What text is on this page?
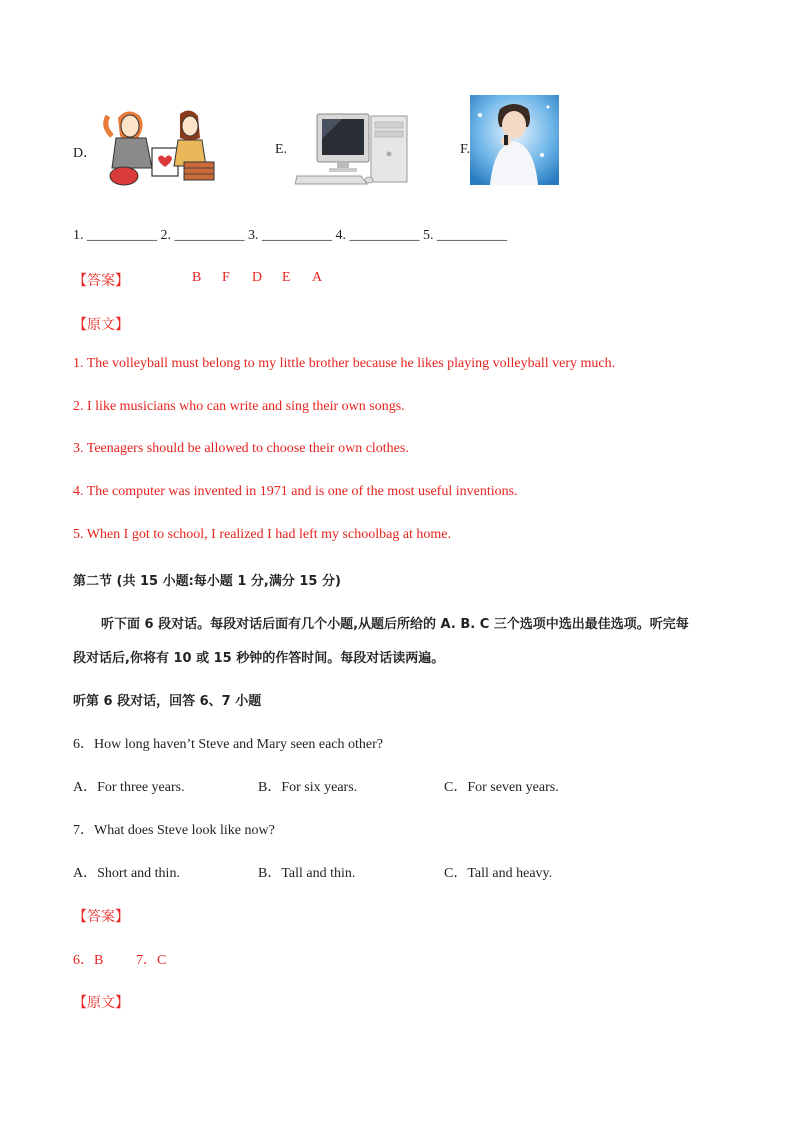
D．	E.	F.
1. __________ 2. __________ 3. __________ 4. __________ 5. __________
【答案】	B F D E A
【原文】
1. The volleyball must belong to my little brother because he likes playing volleyball very much.
2. I like musicians who can write and sing their own songs.
3. Teenagers should be allowed to choose their own clothes.
4. The computer was invented in 1971 and is one of the most useful inventions.
5. When I got to school, I realized I had left my schoolbag at home.
第二节 (共 15 小题:每小题 1 分,满分 15 分)
听下面 6 段对话。每段对话后面有几个小题,从题后所给的 A. B. C 三个选项中选出最佳选项。听完每
段对话后,你将有 10 或 15 秒钟的作答时间。每段对话读两遍。
听第 6 段对话，回答 6、7 小题
6．How long haven’t Steve and Mary seen each other?
A．For three years.	B．For six years.	C．For seven years.
7．What does Steve look like now?
A．Short and thin.	B．Tall and thin.	C．Tall and heavy.
【答案】
6．B 7．C
【原文】
